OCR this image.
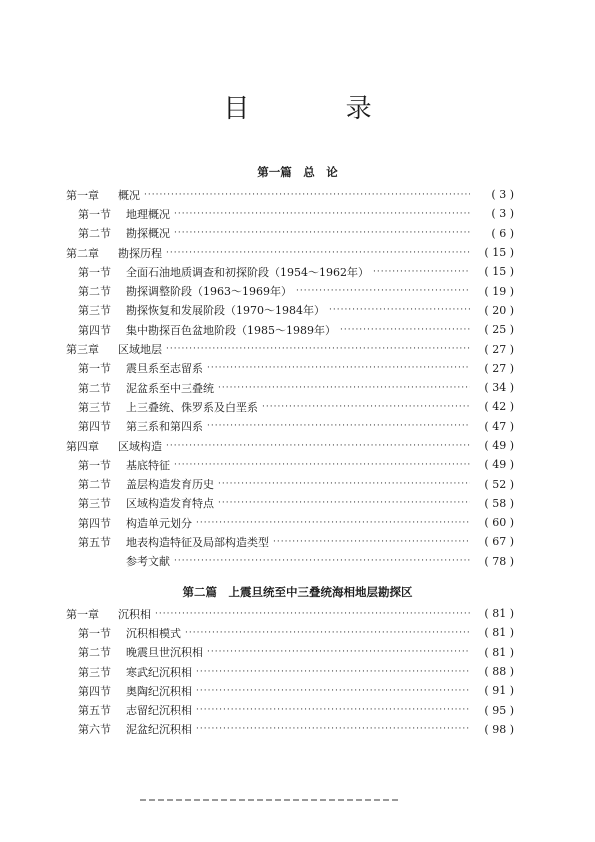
目 录
第一篇　总　论
第一章	概况 ·····	( 3 )
第一节	地理概况 ·····	( 3 )
第二节	勘探概况 ·····	( 6 )
第二章	勘探历程 ·····	( 15 )
第一节	全面石油地质调查和初探阶段（1954～1962年） ·····	( 15 )
第二节	勘探调整阶段（1963～1969年） ·····	( 19 )
第三节	勘探恢复和发展阶段（1970～1984年） ·····	( 20 )
第四节	集中勘探百色盆地阶段（1985～1989年） ·····	( 25 )
第三章	区域地层 ·····	( 27 )
第一节	震旦系至志留系 ·····	( 27 )
第二节	泥盆系至中三叠统 ·····	( 34 )
第三节	上三叠统、侏罗系及白垩系 ·····	( 42 )
第四节	第三系和第四系 ·····	( 47 )
第四章	区域构造 ·····	( 49 )
第一节	基底特征 ·····	( 49 )
第二节	盖层构造发育历史 ·····	( 52 )
第三节	区域构造发育特点 ·····	( 58 )
第四节	构造单元划分 ·····	( 60 )
第五节	地表构造特征及局部构造类型 ·····	( 67 )
参考文献 ·····	( 78 )
第二篇　上震旦统至中三叠统海相地层勘探区
第一章	沉积相 ·····	( 81 )
第一节	沉积相模式 ·····	( 81 )
第二节	晚震旦世沉积相 ·····	( 81 )
第三节	寒武纪沉积相 ·····	( 88 )
第四节	奥陶纪沉积相 ·····	( 91 )
第五节	志留纪沉积相 ·····	( 95 )
第六节	泥盆纪沉积相 ·····	( 98 )
